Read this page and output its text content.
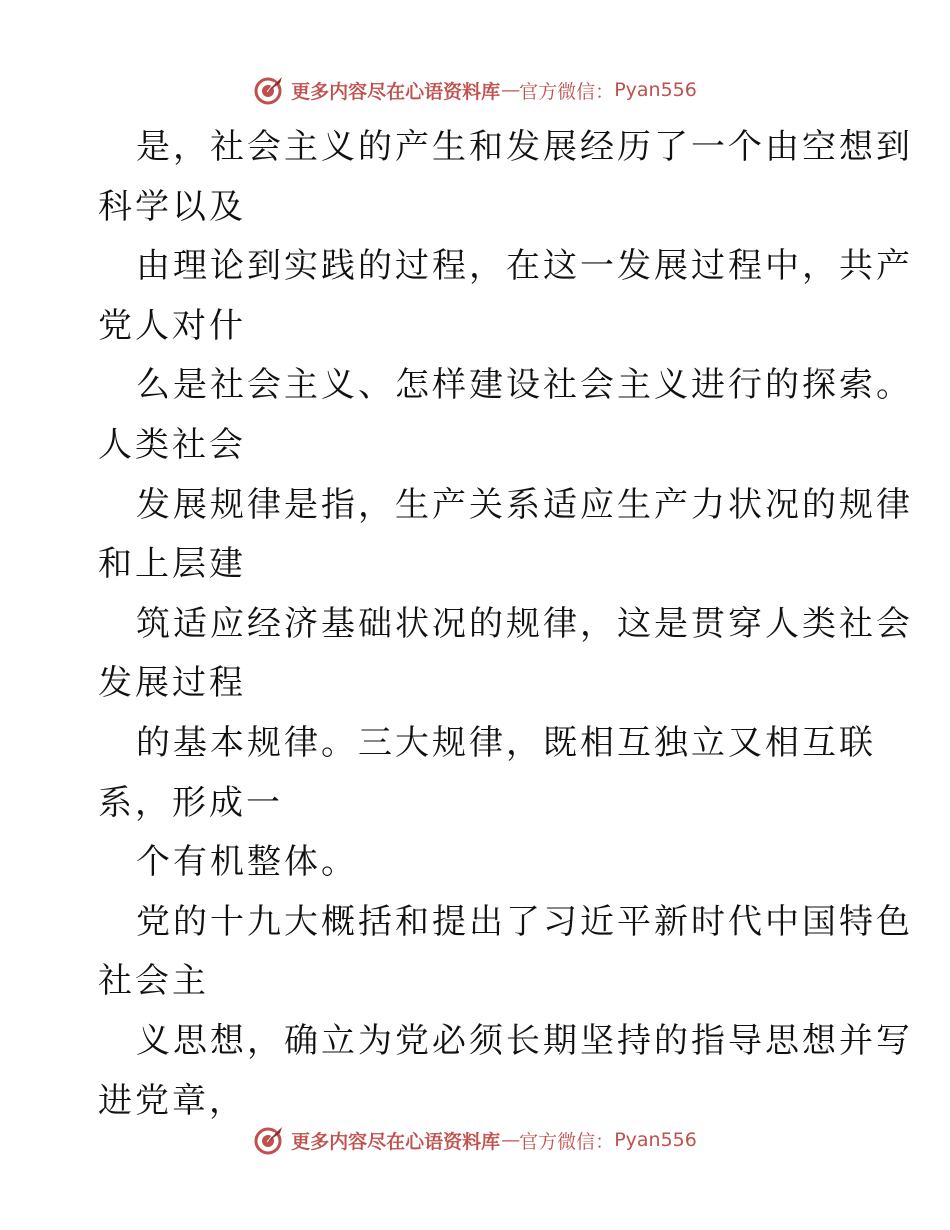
更多内容尽在心语资料库 — 官方微信： Pyan556
是，社会主义的产生和发展经历了一个由空想到
科学以及
由理论到实践的过程，在这一发展过程中，共产
党人对什
么是社会主义、怎样建设社会主义进行的探索。
人类社会
发展规律是指，生产关系适应生产力状况的规律
和上层建
筑适应经济基础状况的规律，这是贯穿人类社会
发展过程
的基本规律。三大规律，既相互独立又相互联
系，形成一
个有机整体。
党的十九大概括和提出了习近平新时代中国特色
社会主
义思想，确立为党必须长期坚持的指导思想并写
进党章，
更多内容尽在心语资料库 — 官方微信： Pyan556
